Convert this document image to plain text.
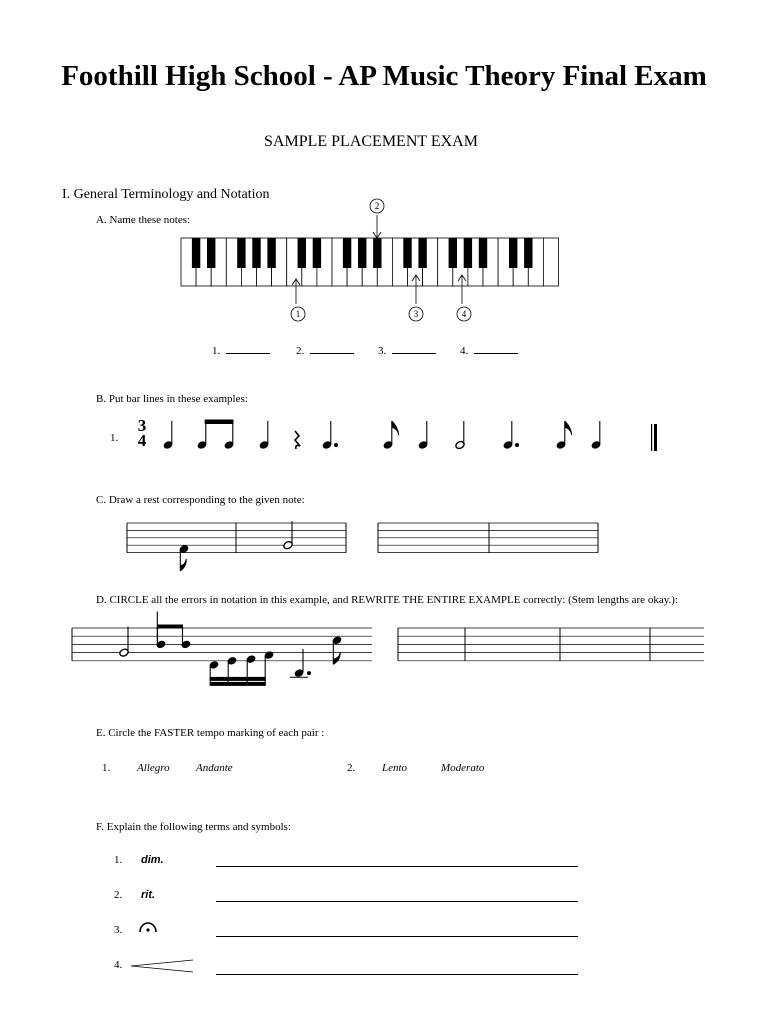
Foothill High School - AP Music Theory Final Exam
SAMPLE PLACEMENT EXAM
I. General Terminology and Notation
A. Name these notes:
1
2
3	4
1.	2.	3.	4.
B. Put bar lines in these examples:
1.
3
4
C. Draw a rest corresponding to the given note:
D. CIRCLE all the errors in notation in this example, and REWRITE THE ENTIRE EXAMPLE correctly: (Stem lengths are okay.):
E. Circle the FASTER tempo marking of each pair :
1. Allegro Andante	2. Lento	Moderato
F. Explain the following terms and symbols:
1. dim.
2. rit.
3.
4.
